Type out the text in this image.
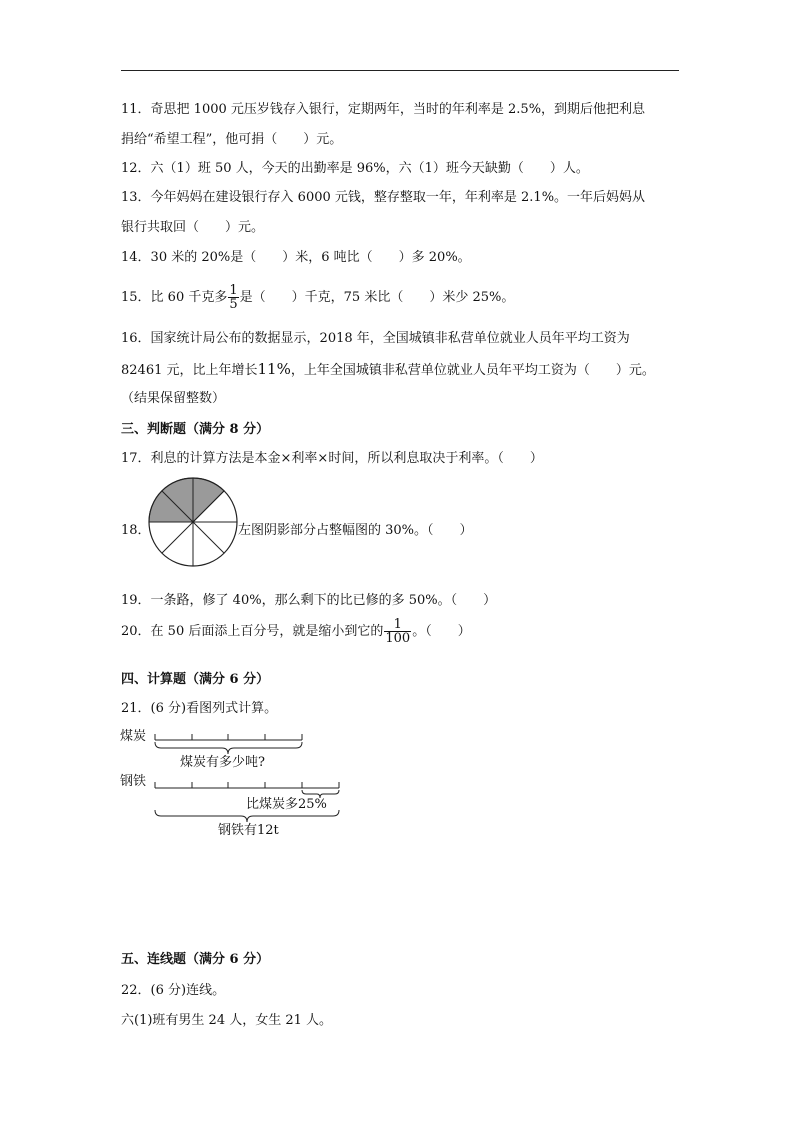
11．奇思把 1000 元压岁钱存入银行，定期两年，当时的年利率是 2.5%，到期后他把利息
捐给“希望工程”，他可捐（　　）元。
12．六（1）班 50 人，今天的出勤率是 96%，六（1）班今天缺勤（　　）人。
13．今年妈妈在建设银行存入 6000 元钱，整存整取一年，年利率是 2.1%。一年后妈妈从
银行共取回（　　）元。
14．30 米的 20%是（　　）米，6 吨比（　　）多 20%。
15．比 60 千克多 $\frac{1}{5}$ 是（　　）千克，75 米比（　　）米少 25%。
16．国家统计局公布的数据显示，2018 年，全国城镇非私营单位就业人员年平均工资为
82461 元，比上年增长11%，上年全国城镇非私营单位就业人员年平均工资为（　　）元。
（结果保留整数）
三、判断题（满分 8 分）
17．利息的计算方法是本金×利率×时间，所以利息取决于利率。（　　）
18．	左图阴影部分占整幅图的 30%。（　　）
19．一条路，修了 40%，那么剩下的比已修的多 50%。（　　）
20．在 50 后面添上百分号，就是缩小到它的 $\frac{1}{100}$ 。（　　）
四、计算题（满分 6 分）
21．(6 分)看图列式计算。
煤炭
煤炭有多少吨?
钢铁
比煤炭多25%
钢铁有12t
五、连线题（满分 6 分）
22．(6 分)连线。
六(1)班有男生 24 人，女生 21 人。
